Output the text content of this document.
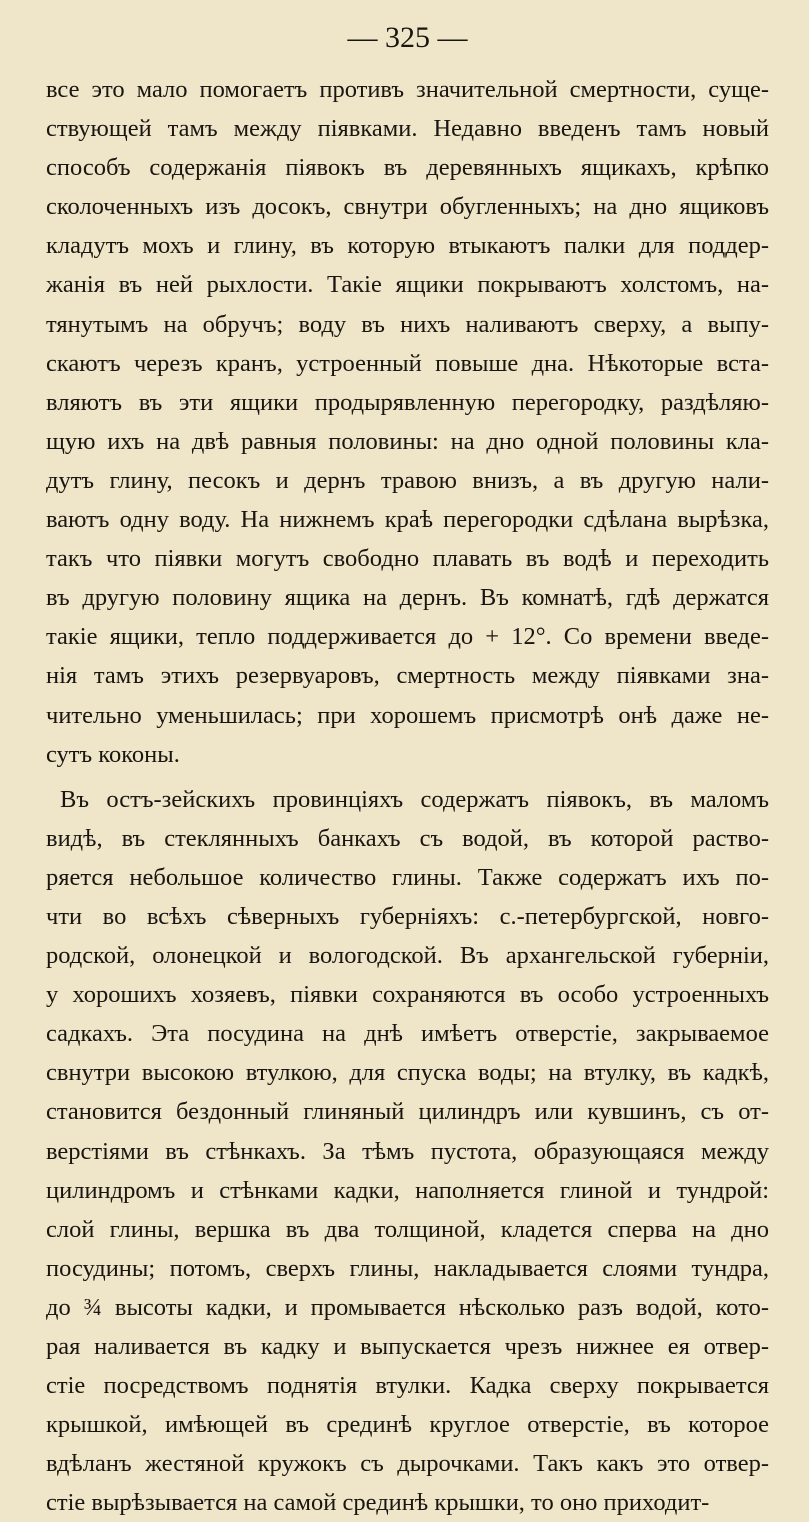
— 325 —
все это мало помогаетъ противъ значительной смертности, суще-
ствующей тамъ между піявками. Недавно введенъ тамъ новый
способъ содержанія піявокъ въ деревянныхъ ящикахъ, крѣпко
сколоченныхъ изъ досокъ, свнутри обугленныхъ; на дно ящиковъ
кладутъ мохъ и глину, въ которую втыкаютъ палки для поддер-
жанія въ ней рыхлости. Такіе ящики покрываютъ холстомъ, на-
тянутымъ на обручъ; воду въ нихъ наливаютъ сверху, а выпу-
скаютъ черезъ кранъ, устроенный повыше дна. Нѣкоторые вста-
вляютъ въ эти ящики продырявленную перегородку, раздѣляю-
щую ихъ на двѣ равныя половины: на дно одной половины кла-
дутъ глину, песокъ и дернъ травою внизъ, а въ другую нали-
ваютъ одну воду. На нижнемъ краѣ перегородки сдѣлана вырѣзка,
такъ что піявки могутъ свободно плавать въ водѣ и переходить
въ другую половину ящика на дернъ. Въ комнатѣ, гдѣ держатся
такіе ящики, тепло поддерживается до + 12°. Со времени введе-
нія тамъ этихъ резервуаровъ, смертность между піявками зна-
чительно уменьшилась; при хорошемъ присмотрѣ онѣ даже не-
сутъ коконы.
Въ остъ-зейскихъ провинціяхъ содержатъ піявокъ, въ маломъ
видѣ, въ стеклянныхъ банкахъ съ водой, въ которой раство-
ряется небольшое количество глины. Также содержатъ ихъ по-
чти во всѣхъ сѣверныхъ губерніяхъ: с.-петербургской, новго-
родской, олонецкой и вологодской. Въ архангельской губерніи,
у хорошихъ хозяевъ, піявки сохраняются въ особо устроенныхъ
садкахъ. Эта посудина на днѣ имѣетъ отверстіе, закрываемое
свнутри высокою втулкою, для спуска воды; на втулку, въ кадкѣ,
становится бездонный глиняный цилиндръ или кувшинъ, съ от-
верстіями въ стѣнкахъ. За тѣмъ пустота, образующаяся между
цилиндромъ и стѣнками кадки, наполняется глиной и тундрой:
слой глины, вершка въ два толщиной, кладется сперва на дно
посудины; потомъ, сверхъ глины, накладывается слоями тундра,
до ¾ высоты кадки, и промывается нѣсколько разъ водой, кото-
рая наливается въ кадку и выпускается чрезъ нижнее ея отвер-
стіе посредствомъ поднятія втулки. Кадка сверху покрывается
крышкой, имѣющей въ срединѣ круглое отверстіе, въ которое
вдѣланъ жестяной кружокъ съ дырочками. Такъ какъ это отвер-
стіе вырѣзывается на самой срединѣ крышки, то оно приходит-
